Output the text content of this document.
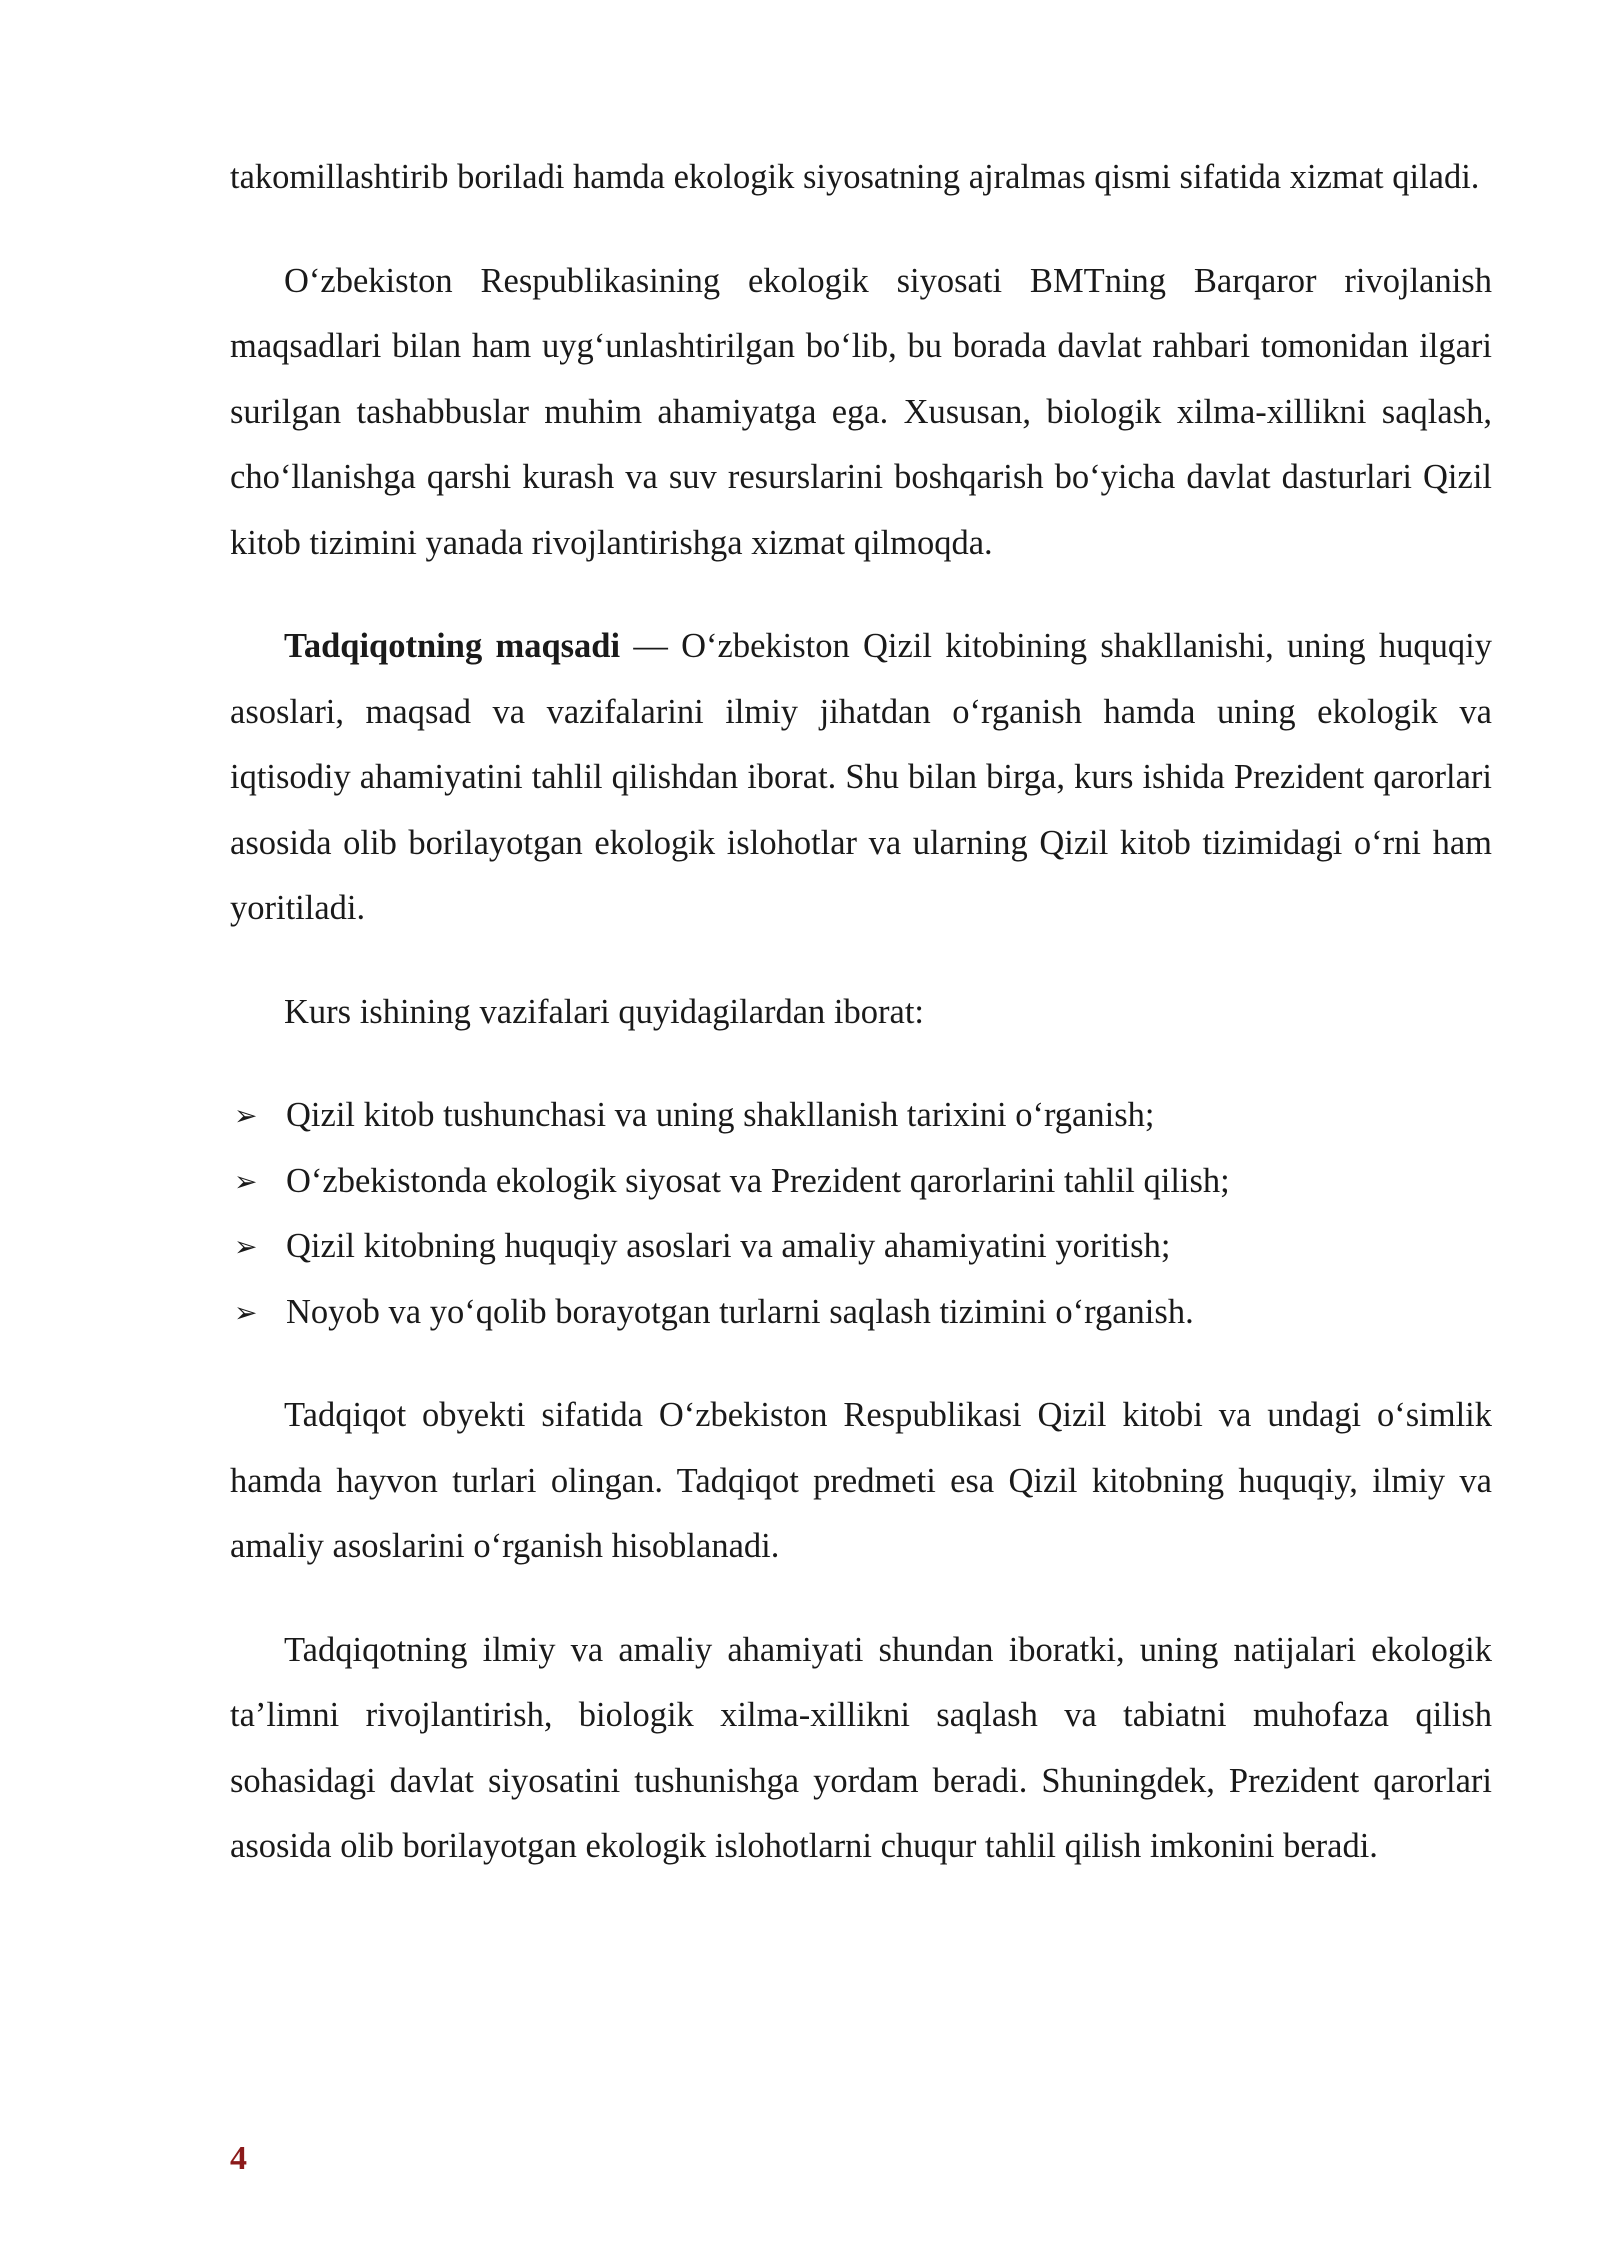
takomillashtirib boriladi hamda ekologik siyosatning ajralmas qismi sifatida xizmat qiladi.

O‘zbekiston Respublikasining ekologik siyosati BMTning Barqaror rivojlanish maqsadlari bilan ham uyg‘unlashtirilgan bo‘lib, bu borada davlat rahbari tomonidan ilgari surilgan tashabbuslar muhim ahamiyatga ega. Xususan, biologik xilma-xillikni saqlash, cho‘llanishga qarshi kurash va suv resurslarini boshqarish bo‘yicha davlat dasturlari Qizil kitob tizimini yanada rivojlantirishga xizmat qilmoqda.

Tadqiqotning maqsadi — O‘zbekiston Qizil kitobining shakllanishi, uning huquqiy asoslari, maqsad va vazifalarini ilmiy jihatdan o‘rganish hamda uning ekologik va iqtisodiy ahamiyatini tahlil qilishdan iborat. Shu bilan birga, kurs ishida Prezident qarorlari asosida olib borilayotgan ekologik islohotlar va ularning Qizil kitob tizimidagi o‘rni ham yoritiladi.

Kurs ishining vazifalari quyidagilardan iborat:

➢ Qizil kitob tushunchasi va uning shakllanish tarixini o‘rganish;
➢ O‘zbekistonda ekologik siyosat va Prezident qarorlarini tahlil qilish;
➢ Qizil kitobning huquqiy asoslari va amaliy ahamiyatini yoritish;
➢ Noyob va yo‘qolib borayotgan turlarni saqlash tizimini o‘rganish.

Tadqiqot obyekti sifatida O‘zbekiston Respublikasi Qizil kitobi va undagi o‘simlik hamda hayvon turlari olingan. Tadqiqot predmeti esa Qizil kitobning huquqiy, ilmiy va amaliy asoslarini o‘rganish hisoblanadi.

Tadqiqotning ilmiy va amaliy ahamiyati shundan iboratki, uning natijalari ekologik ta’limni rivojlantirish, biologik xilma-xillikni saqlash va tabiatni muhofaza qilish sohasidagi davlat siyosatini tushunishga yordam beradi. Shuningdek, Prezident qarorlari asosida olib borilayotgan ekologik islohotlarni chuqur tahlil qilish imkonini beradi.

4
